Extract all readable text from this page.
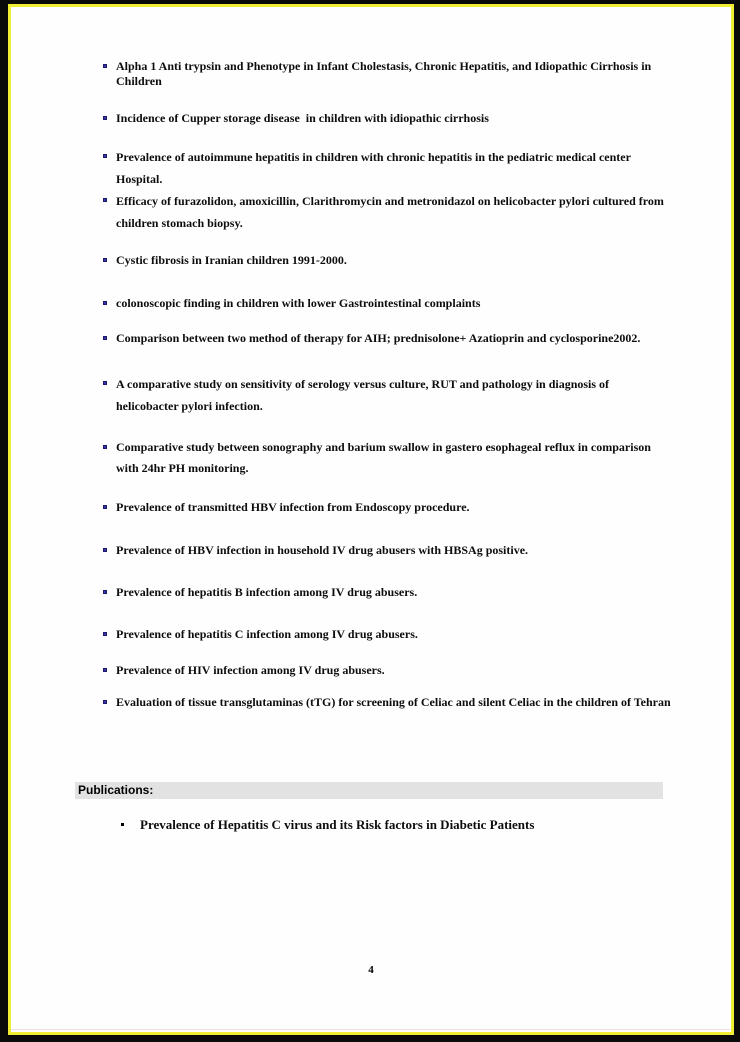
Alpha 1 Anti trypsin and Phenotype in Infant Cholestasis, Chronic Hepatitis, and Idiopathic Cirrhosis in Children
Incidence of Cupper storage disease  in children with idiopathic cirrhosis
Prevalence of autoimmune hepatitis in children with chronic hepatitis in the pediatric medical center Hospital.
Efficacy of furazolidon, amoxicillin, Clarithromycin and metronidazol on helicobacter pylori cultured from children stomach biopsy.
Cystic fibrosis in Iranian children 1991-2000.
colonoscopic finding in children with lower Gastrointestinal complaints
Comparison between two method of therapy for AIH; prednisolone+ Azatioprin and cyclosporine2002.
A comparative study on sensitivity of serology versus culture, RUT and pathology in diagnosis of helicobacter pylori infection.
Comparative study between sonography and barium swallow in gastero esophageal reflux in comparison with 24hr PH monitoring.
Prevalence of transmitted HBV infection from Endoscopy procedure.
Prevalence of HBV infection in household IV drug abusers with HBSAg positive.
Prevalence of hepatitis B infection among IV drug abusers.
Prevalence of hepatitis C infection among IV drug abusers.
Prevalence of HIV infection among IV drug abusers.
Evaluation of tissue transglutaminas (tTG) for screening of Celiac and silent Celiac in the children of Tehran
Publications:
Prevalence of Hepatitis C virus and its Risk factors in Diabetic Patients
4
